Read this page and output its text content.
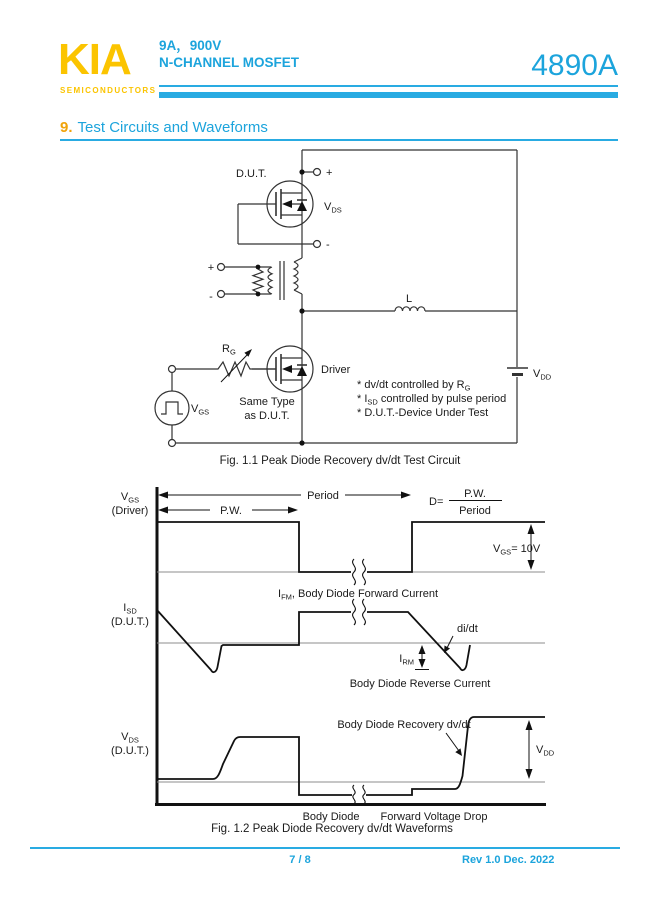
KIA
SEMICONDUCTORS
9A，900V
N-CHANNEL MOSFET	4890A
9. Test Circuits and Waveforms
+
-
D.U.T.
$V_{DS}$
+
-	L
Driver
Same Type
as D.U.T.
$R_G$
$V_{GS}$
$V_{DD}$
* dv/dt controlled by $R_G$
* $I_{SD}$ controlled by pulse period
* D.U.T.-Device Under Test
Fig. 1.1 Peak Diode Recovery dv/dt Test Circuit
Period
P.W.
D=
P.W.
Period
$V_{GS}= 10V$
$V_{GS}$
(Driver)
$I_{FM}$, Body Diode Forward Current
$I_{RM}$
di/dt
Body Diode Reverse Current
$I_{SD}$
(D.U.T.)
Body Diode Recovery dv/dt
$V_{DD}$
$V_{DS}$
(D.U.T.)
Body Diode Forward Voltage Drop
Fig. 1.2 Peak Diode Recovery dv/dt Waveforms
7 / 8	Rev 1.0 Dec. 2022
